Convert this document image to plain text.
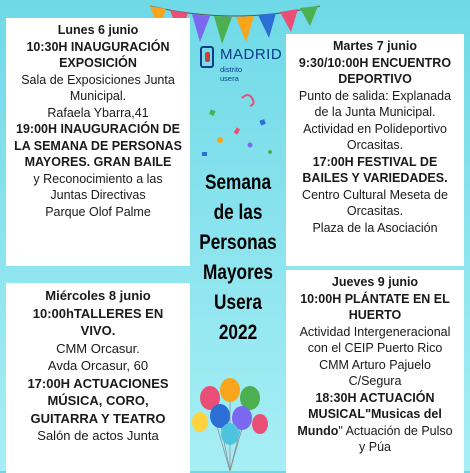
Lunes 6 junio
10:30H INAUGURACIÓN EXPOSICIÓN
Sala de Exposiciones Junta Municipal.
Rafaela Ybarra,41
19:00H INAUGURACIÓN DE LA SEMANA DE PERSONAS MAYORES. GRAN BAILE
y Reconocimiento a las Juntas Directivas
Parque Olof Palme
Martes 7 junio
9:30/10:00H ENCUENTRO DEPORTIVO
Punto de salida: Explanada de la Junta Municipal.
Actividad en Polideportivo Orcasitas.
17:00H FESTIVAL DE BAILES Y VARIEDADES.
Centro Cultural Meseta de Orcasitas.
Plaza de la Asociación
Miércoles 8 junio
10:00hTALLERES EN VIVO.
CMM Orcasur.
Avda Orcasur, 60
17:00H ACTUACIONES MÚSICA, CORO, GUITARRA Y TEATRO
Salón de actos Junta
Jueves 9 junio
10:00H PLÁNTATE EN EL HUERTO
Actividad Intergeneracional con el CEIP Puerto Rico
CMM Arturo Pajuelo C/Segura
18:30H ACTUACIÓN MUSICAL"Musicas del Mundo" Actuación de Pulso y Púa
MADRID
distrito
usera
Semana
de las
Personas
Mayores
Usera
2022
